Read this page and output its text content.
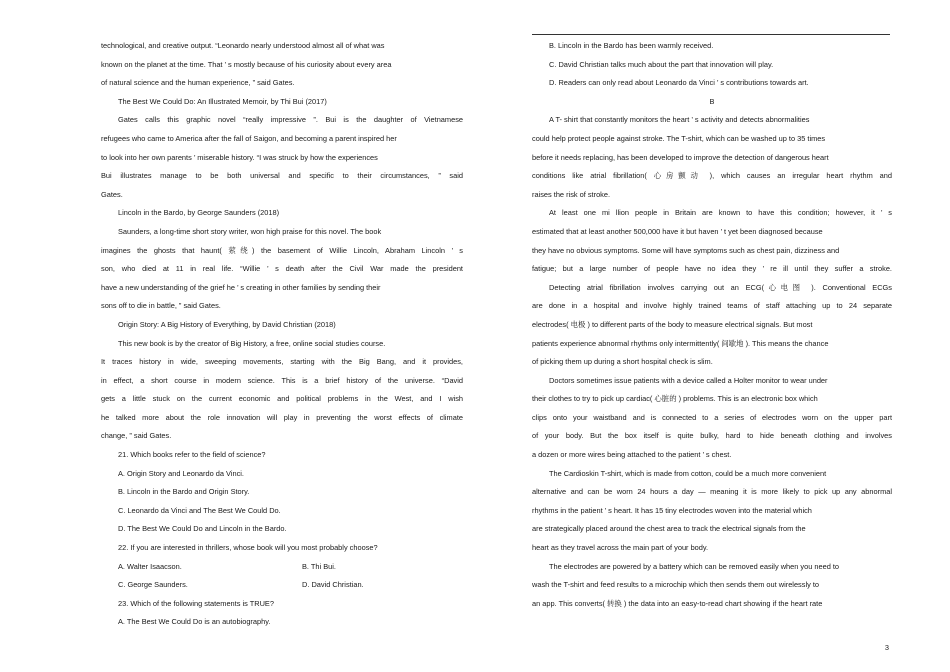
technological, and creative output. “Leonardo nearly understood almost all of what was
known on the planet at the time. That ’ s mostly because of his curiosity about every area
of natural science and the human experience, ” said Gates.
The Best We Could Do: An Illustrated Memoir, by Thi Bui (2017)
Gates calls this graphic novel “really impressive ”. Bui is the daughter of Vietnamese
refugees who came to America after the fall of Saigon, and becoming a parent inspired her
to look into her own parents ’ miserable history. “I was struck by how the experiences
Bui illustrates manage to be both universal and specific to their circumstances, ” said
Gates.
Lincoln in the Bardo, by George Saunders (2018)
Saunders, a long-time short story writer, won high praise for this novel. The book
imagines the ghosts that haunt( 萦绕) the basement of Willie Lincoln, Abraham Lincoln ’ s
son, who died at 11 in real life. “Willie ’ s death after the Civil War made the president
have a new understanding of the grief he ’ s creating in other families by sending their
sons off to die in battle, ” said Gates.
Origin Story: A Big History of Everything, by David Christian (2018)
This new book is by the creator of Big History, a free, online social studies course.
It traces history in wide, sweeping movements, starting with the Big Bang, and it provides,
in effect, a short course in modern science. This is a brief history of the universe. “David
gets a little stuck on the current economic and political problems in the West, and I wish
he talked more about the role innovation will play in preventing the worst effects of climate
change, ” said Gates.
21. Which books refer to the field of science?
A. Origin Story and Leonardo da Vinci.
B. Lincoln in the Bardo and Origin Story.
C. Leonardo da Vinci and The Best We Could Do.
D. The Best We Could Do and Lincoln in the Bardo.
22. If you are interested in thrillers, whose book will you most probably choose?
A. Walter Isaacson.	B. Thi Bui.
C. George Saunders.	D. David Christian.
23. Which of the following statements is TRUE?
A. The Best We Could Do is an autobiography.
B. Lincoln in the Bardo has been warmly received.
C. David Christian talks much about the part that innovation will play.
D. Readers can only read about Leonardo da Vinci ’ s contributions towards art.
B
A T- shirt that constantly monitors the heart ’ s activity and detects abnormalities
could help protect people against stroke. The T-shirt, which can be washed up to 35 times
before it needs replacing, has been developed to improve the detection of dangerous heart
conditions like atrial fibrillation( 心房颤动 ), which causes an irregular heart rhythm and
raises the risk of stroke.
At least one mi llion people in Britain are known to have this condition; however, it ’ s
estimated that at least another 500,000 have it but haven ’ t yet been diagnosed because
they have no obvious symptoms. Some will have symptoms such as chest pain, dizziness and
fatigue; but a large number of people have no idea they ’ re ill until they suffer a stroke.
Detecting atrial fibrillation involves carrying out an ECG(心电图 ). Conventional ECGs
are done in a hospital and involve highly trained teams of staff attaching up to 24 separate
electrodes( 电极 ) to different parts of the body to measure electrical signals. But most
patients experience abnormal rhythms only intermittently( 间歇地 ). This means the chance
of picking them up during a short hospital check is slim.
Doctors sometimes issue patients with a device called a Holter monitor to wear under
their clothes to try to pick up cardiac( 心脏的 ) problems. This is an electronic box which
clips onto your waistband and is connected to a series of electrodes worn on the upper part
of your body. But the box itself is quite bulky, hard to hide beneath clothing and involves
a dozen or more wires being attached to the patient ’ s chest.
The Cardioskin T-shirt, which is made from cotton, could be a much more convenient
alternative and can be worn 24 hours a day — meaning it is more likely to pick up any abnormal
rhythms in the patient ’ s heart. It has 15 tiny electrodes woven into the material which
are strategically placed around the chest area to track the electrical signals from the
heart as they travel across the main part of your body.
The electrodes are powered by a battery which can be removed easily when you need to
wash the T-shirt and feed results to a microchip which then sends them out wirelessly to
an app. This converts( 转换 ) the data into an easy-to-read chart showing if the heart rate
3
